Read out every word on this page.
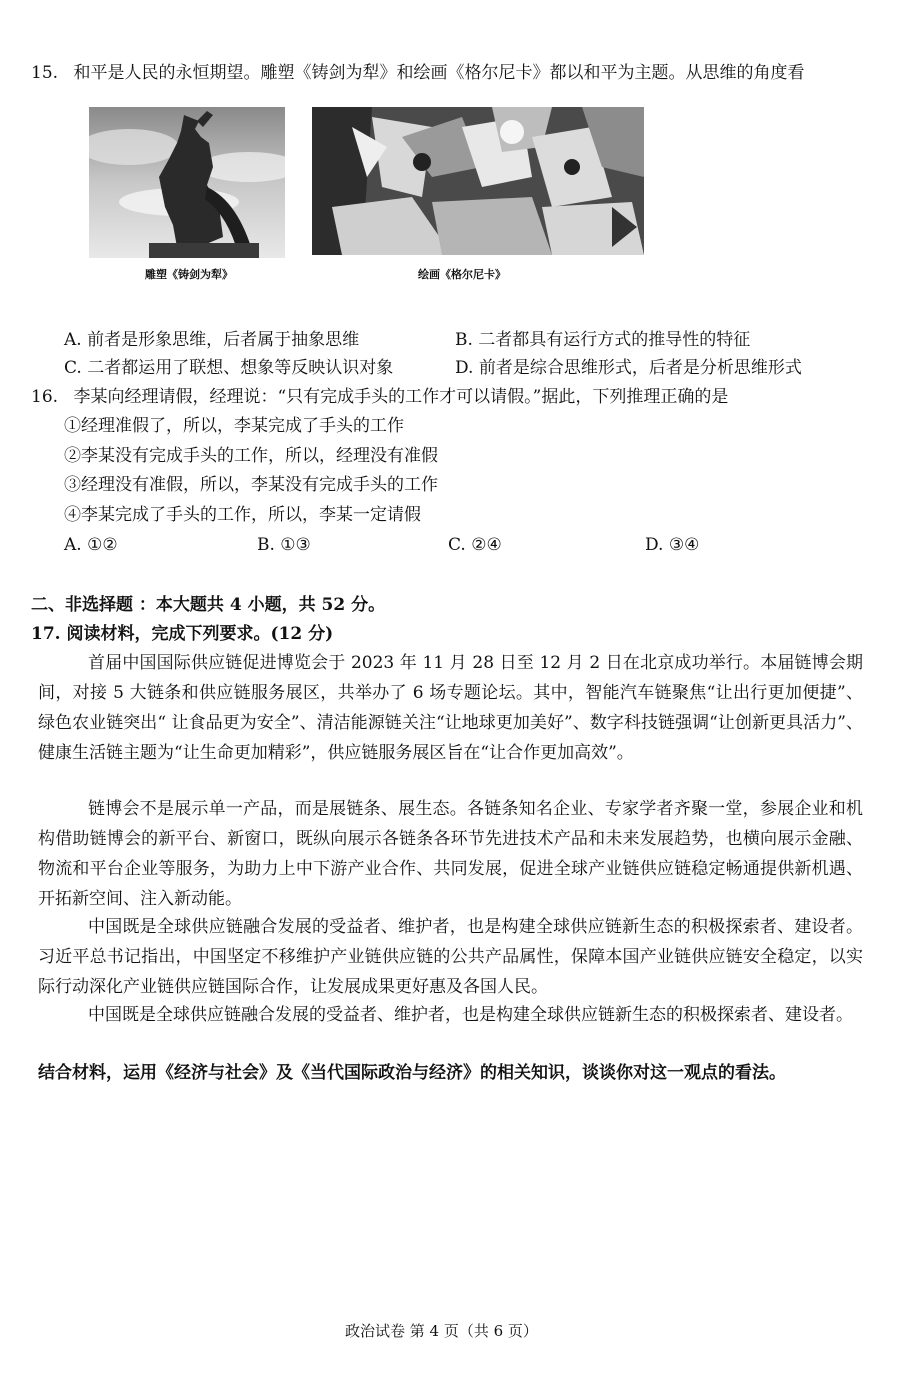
15. 和平是人民的永恒期望。雕塑《铸剑为犁》和绘画《格尔尼卡》都以和平为主题。从思维的角度看
雕塑《铸剑为犁》	绘画《格尔尼卡》
A. 前者是形象思维，后者属于抽象思维	B. 二者都具有运行方式的推导性的特征
C. 二者都运用了联想、想象等反映认识对象	D. 前者是综合思维形式，后者是分析思维形式
16. 李某向经理请假，经理说：“只有完成手头的工作才可以请假。”据此，下列推理正确的是
①经理准假了，所以，李某完成了手头的工作
②李某没有完成手头的工作，所以，经理没有准假
③经理没有准假，所以，李某没有完成手头的工作
④李某完成了手头的工作，所以，李某一定请假
A. ①②	B. ①③	C. ②④	D. ③④
二、非选择题 ：本大题共 4 小题，共 52 分。
17. 阅读材料，完成下列要求。(12 分)
首届中国国际供应链促进博览会于 2023 年 11 月 28 日至 12 月 2 日在北京成功举行。本届链博会期间，对接 5 大链条和供应链服务展区，共举办了 6 场专题论坛。其中，智能汽车链聚焦“让出行更加便捷”、绿色农业链突出“ 让食品更为安全”、清洁能源链关注“让地球更加美好”、数字科技链强调“让创新更具活力”、健康生活链主题为“让生命更加精彩”，供应链服务展区旨在“让合作更加高效”。
链博会不是展示单一产品，而是展链条、展生态。各链条知名企业、专家学者齐聚一堂，参展企业和机构借助链博会的新平台、新窗口，既纵向展示各链条各环节先进技术产品和未来发展趋势，也横向展示金融、物流和平台企业等服务，为助力上中下游产业合作、共同发展，促进全球产业链供应链稳定畅通提供新机遇、开拓新空间、注入新动能。
中国既是全球供应链融合发展的受益者、维护者，也是构建全球供应链新生态的积极探索者、建设者。习近平总书记指出，中国坚定不移维护产业链供应链的公共产品属性，保障本国产业链供应链安全稳定，以实际行动深化产业链供应链国际合作，让发展成果更好惠及各国人民。
中国既是全球供应链融合发展的受益者、维护者，也是构建全球供应链新生态的积极探索者、建设者。
结合材料，运用《经济与社会》及《当代国际政治与经济》的相关知识，谈谈你对这一观点的看法。
政治试卷 第 4 页（共 6 页）
